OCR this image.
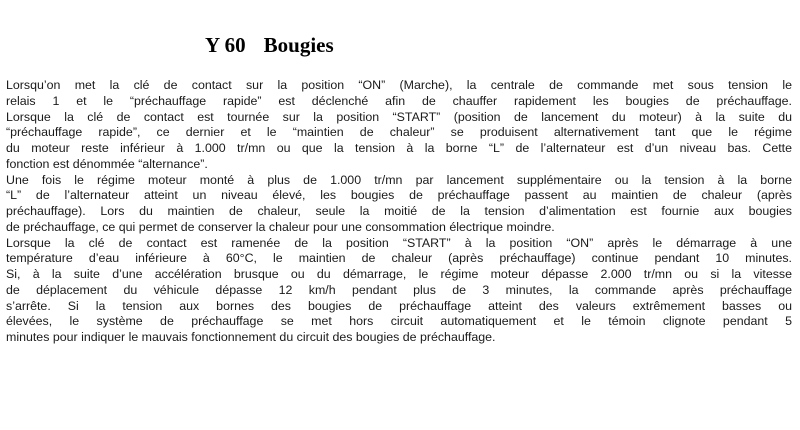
Y 60 Bougies
Lorsqu’on met la clé de contact sur la position “ON” (Marche), la centrale de commande met sous tension le
relais 1 et le “préchauffage rapide” est déclenché afin de chauffer rapidement les bougies de préchauffage.
Lorsque la clé de contact est tournée sur la position “START” (position de lancement du moteur) à la suite du
“préchauffage rapide”, ce dernier et le “maintien de chaleur” se produisent alternativement tant que le régime
du moteur reste inférieur à 1.000 tr/mn ou que la tension à la borne “L” de l’alternateur est d’un niveau bas. Cette
fonction est dénommée “alternance”.
Une fois le régime moteur monté à plus de 1.000 tr/mn par lancement supplémentaire ou la tension à la borne
“L” de l’alternateur atteint un niveau élevé, les bougies de préchauffage passent au maintien de chaleur (après
préchauffage). Lors du maintien de chaleur, seule la moitié de la tension d’alimentation est fournie aux bougies
de préchauffage, ce qui permet de conserver la chaleur pour une consommation électrique moindre.
Lorsque la clé de contact est ramenée de la position “START” à la position “ON” après le démarrage à une
température d’eau inférieure à 60°C, le maintien de chaleur (après préchauffage) continue pendant 10 minutes.
Si, à la suite d’une accélération brusque ou du démarrage, le régime moteur dépasse 2.000 tr/mn ou si la vitesse
de déplacement du véhicule dépasse 12 km/h pendant plus de 3 minutes, la commande après préchauffage
s’arrête. Si la tension aux bornes des bougies de préchauffage atteint des valeurs extrêmement basses ou
élevées, le système de préchauffage se met hors circuit automatiquement et le témoin clignote pendant 5
minutes pour indiquer le mauvais fonctionnement du circuit des bougies de préchauffage.
